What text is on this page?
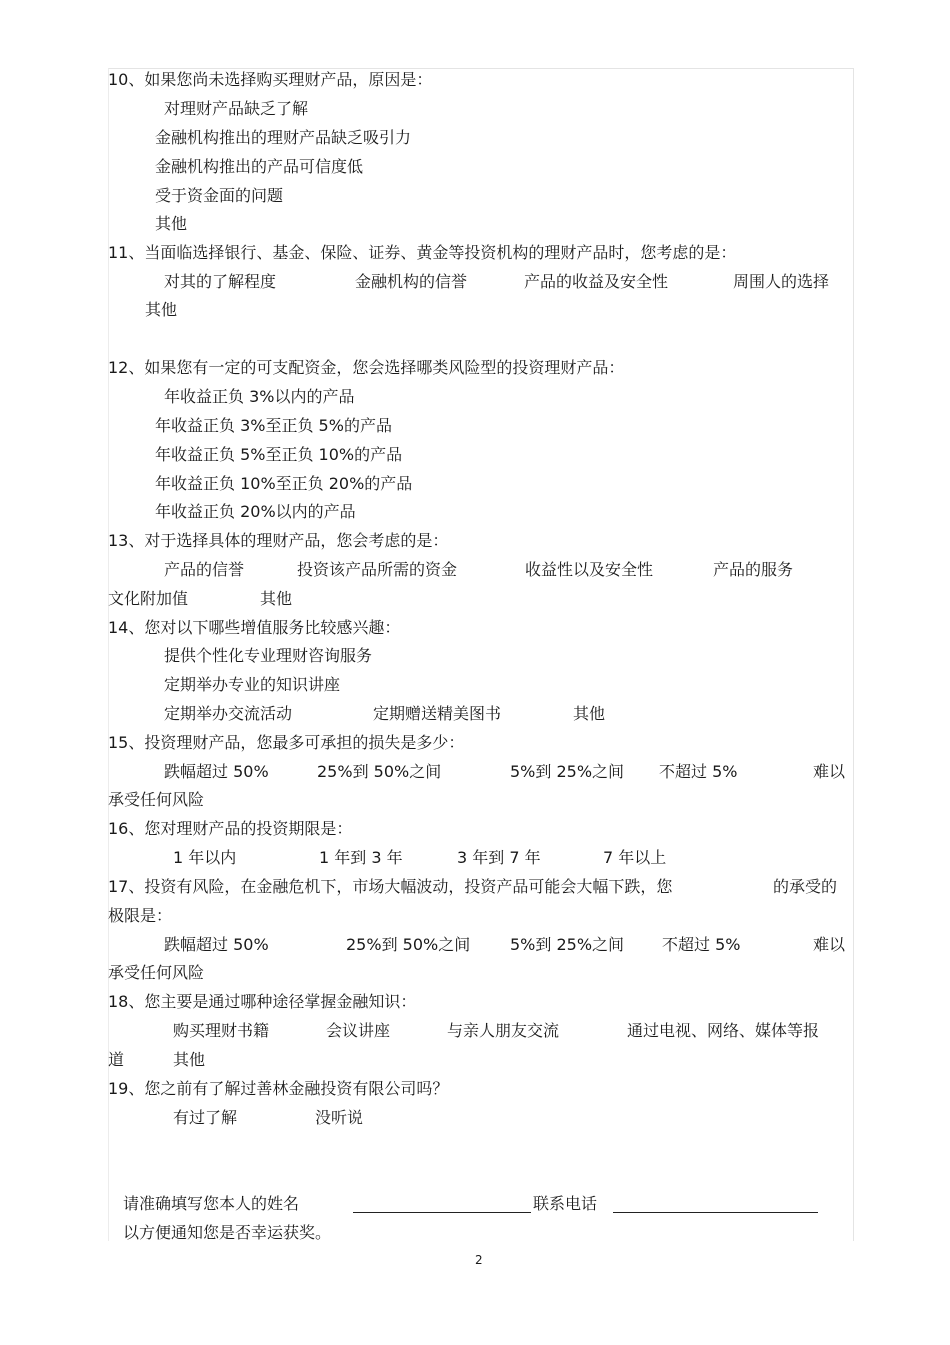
10、如果您尚未选择购买理财产品，原因是：
对理财产品缺乏了解
金融机构推出的理财产品缺乏吸引力
金融机构推出的产品可信度低
受于资金面的问题
其他
11、当面临选择银行、基金、保险、证券、黄金等投资机构的理财产品时，您考虑的是：
对其的了解程度	金融机构的信誉	产品的收益及安全性	周围人的选择
其他
12、如果您有一定的可支配资金，您会选择哪类风险型的投资理财产品：
年收益正负 3%以内的产品
年收益正负 3%至正负 5%的产品
年收益正负 5%至正负 10%的产品
年收益正负 10%至正负 20%的产品
年收益正负 20%以内的产品
13、对于选择具体的理财产品，您会考虑的是：
产品的信誉	投资该产品所需的资金	收益性以及安全性	产品的服务
文化附加值	其他
14、您对以下哪些增值服务比较感兴趣：
提供个性化专业理财咨询服务
定期举办专业的知识讲座
定期举办交流活动	定期赠送精美图书	其他
15、投资理财产品，您最多可承担的损失是多少：
跌幅超过 50%	25%到 50%之间	5%到 25%之间 不超过 5%	难以
承受任何风险
16、您对理财产品的投资期限是：
1 年以内	1 年到 3 年	3 年到 7 年	7 年以上
17、投资有风险，在金融危机下，市场大幅波动，投资产品可能会大幅下跌，您	的承受的
极限是：
跌幅超过 50%	25%到 50%之间 5%到 25%之间 不超过 5%	难以
承受任何风险
18、您主要是通过哪种途径掌握金融知识：
购买理财书籍	会议讲座	与亲人朋友交流	通过电视、网络、媒体等报
道	其他
19、您之前有了解过善林金融投资有限公司吗？
有过了解	没听说
请准确填写您本人的姓名	联系电话
以方便通知您是否幸运获奖。
2
